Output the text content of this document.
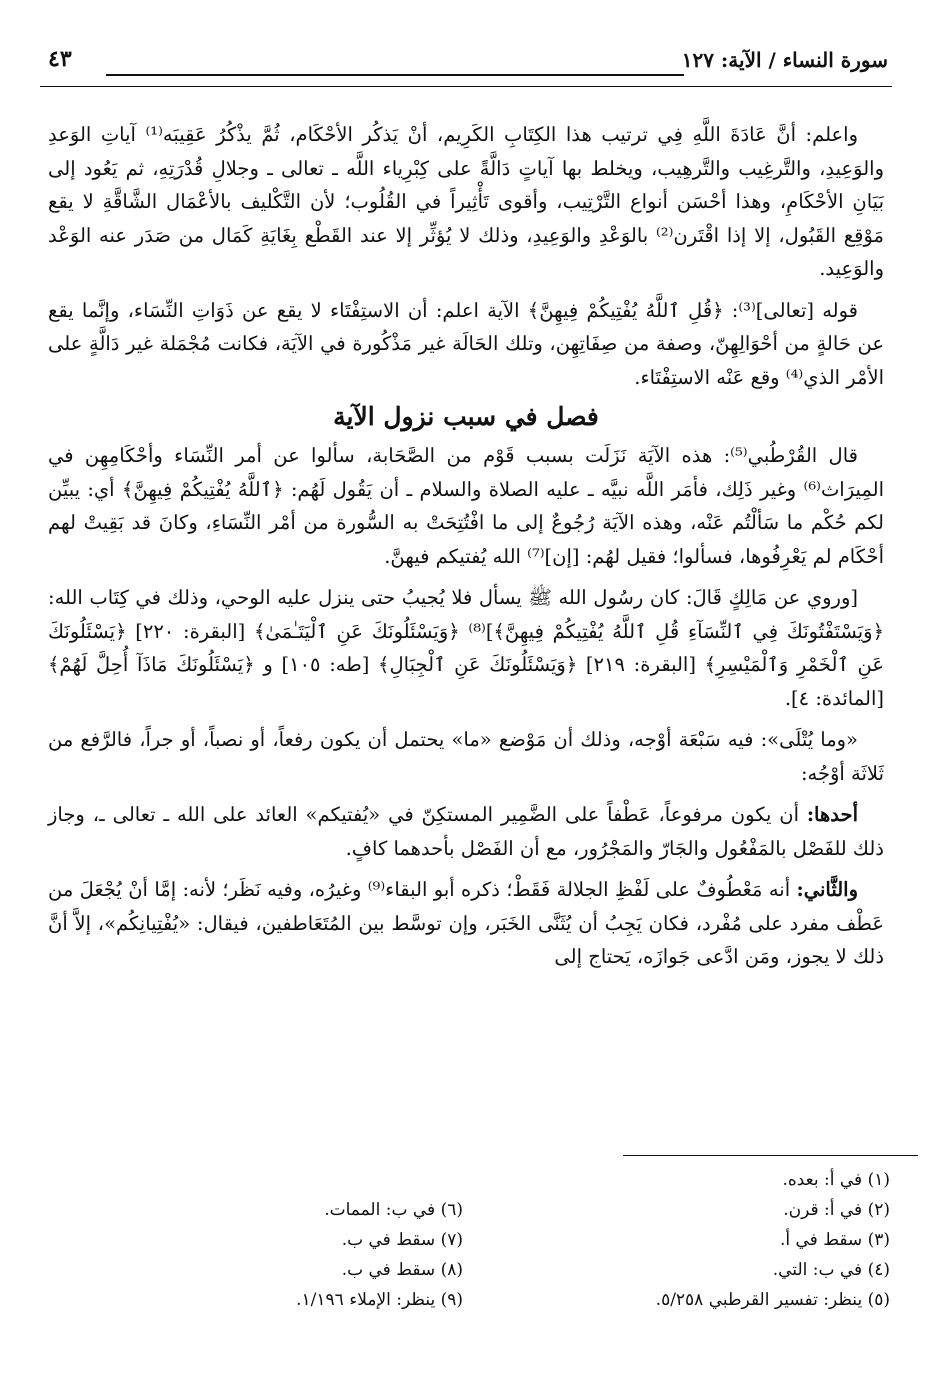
سورة النساء / الآية: ١٢٧
٤٣

واعلم: أنَّ عَادَةَ اللَّهِ فِي ترتيب هذا الكِتَابِ الكَرِيم، أنْ يَذكُر الأحْكَام، ثُمَّ يذْكُرُ عَقِيبَه⁽¹⁾ آياتِ الوَعدِ والوَعِيدِ، والتَّرغِيب والتَّرهِيب، ويخلط بها آياتٍ دَالَّةً على كِبْرِياء اللَّه ـ تعالى ـ وجلالِ قُدْرَتِهِ، ثم يَعُود إلى بَيَانِ الأحْكَامِ، وهذا أحْسَن أنواع التَّرْتِيب، وأقوى تَأْثِيراً في القُلُوب؛ لأن التَّكْليف بالأعْمَال الشَّاقَّةِ لا يقع مَوْقِع القَبُول، إلا إذا اقْتَرن⁽²⁾ بالوَعْدِ والوَعِيدِ، وذلك لا يُؤثِّر إلا عند القَطْع بِغَايَةِ كَمَال من صَدَر عنه الوَعْد والوَعِيد.

قوله [تعالى]⁽³⁾: ﴿قُلِ ٱللَّهُ يُفْتِيكُمْ فِيهِنَّ﴾ الآية اعلم: أن الاستِفْتَاء لا يقع عن ذَوَاتِ النِّسَاء، وإنَّما يقع عن حَالةٍ من أحْوَالِهِنّ، وصفة من صِفَاتِهِن، وتلك الحَالَة غير مَذْكُورة في الآيَة، فكانت مُجْمَلة غير دَالَّةٍ على الأمْر الذي⁽⁴⁾ وقع عَنْه الاستِفْتَاء.

فصل في سبب نزول الآية

قال القُرْطُبي⁽⁵⁾: هذه الآيَة نَزَلَت بسبب قَوْم من الصَّحَابة، سألوا عن أمر النِّسَاء وأحْكَامِهِن في المِيرَاث⁽⁶⁾ وغير ذَلِك، فأمَر اللَّه نبيَّه ـ عليه الصلاة والسلام ـ أن يَقُول لَهُم: ﴿ٱللَّهُ يُفْتِيكُمْ فِيهِنَّ﴾ أي: يبيِّن لكم حُكْم ما سَألْتُم عَنْه، وهذه الآيَة رُجُوعٌ إلى ما افْتُتِحَتْ به السُّورة من أمْر النِّسَاءِ، وكانَ قد بَقِيتْ لهم أحْكَام لم يَعْرِفُوها، فسألوا؛ فقيل لهُم: [إن]⁽⁷⁾ الله يُفتيكم فيهنَّ.

[وروي عن مَالِكٍ قَالَ: كان رسُول الله ﷺ يسأل فلا يُجيبُ حتى ينزل عليه الوحي، وذلك في كِتَاب الله: ﴿وَيَسْتَفْتُونَكَ فِي ٱلنِّسَآءِ قُلِ ٱللَّهُ يُفْتِيكُمْ فِيهِنَّ﴾]⁽⁸⁾ ﴿وَيَسْئَلُونَكَ عَنِ ٱلْيَتَـٰمَىٰ﴾ [البقرة: ٢٢٠] ﴿يَسْئَلُونَكَ عَنِ ٱلْخَمْرِ وَٱلْمَيْسِرِ﴾ [البقرة: ٢١٩] ﴿وَيَسْئَلُونَكَ عَنِ ٱلْجِبَالِ﴾ [طه: ١٠٥] و ﴿يَسْئَلُونَكَ مَاذَآ أُحِلَّ لَهُمْ﴾ [المائدة: ٤].

«وما يُتْلَى»: فيه سَبْعَة أوْجه، وذلك أن مَوْضع «ما» يحتمل أن يكون رفعاً، أو نصباً، أو جراً، فالرَّفع من ثَلاثَة أوْجُه:

أحدها: أن يكون مرفوعاً، عَطْفاً على الضَّمِير المستكِنّ في «يُفتيكم» العائد على الله ـ تعالى ـ، وجاز ذلك للفَصْل بالمَفْعُول والجَارّ والمَجْرُور، مع أن الفَصْل بأحدهما كافٍ.

والثَّاني: أنه مَعْطُوفٌ على لَفْظِ الجلالة فَقَطْ؛ ذكره أبو البقاء⁽⁹⁾ وغيرُه، وفيه نَظَر؛ لأنه: إمَّا أنْ يُجْعَلَ من عَطْف مفرد على مُفْرد، فكان يَجِبُ أن يُثَنَّى الخَبَر، وإن توسَّط بين المُتَعَاطفين، فيقال: «يُفْتِيانِكُم»، إلاَّ أنَّ ذلك لا يجوز، ومَن ادَّعى جَوازَه، يَحتاج إلى

(١) في أ: بعده.
(٢) في أ: قرن.
(٣) سقط في أ.
(٤) في ب: التي.
(٥) ينظر: تفسير القرطبي ٥/٢٥٨.
(٦) في ب: الممات.
(٧) سقط في ب.
(٨) سقط في ب.
(٩) ينظر: الإملاء ١/١٩٦.
